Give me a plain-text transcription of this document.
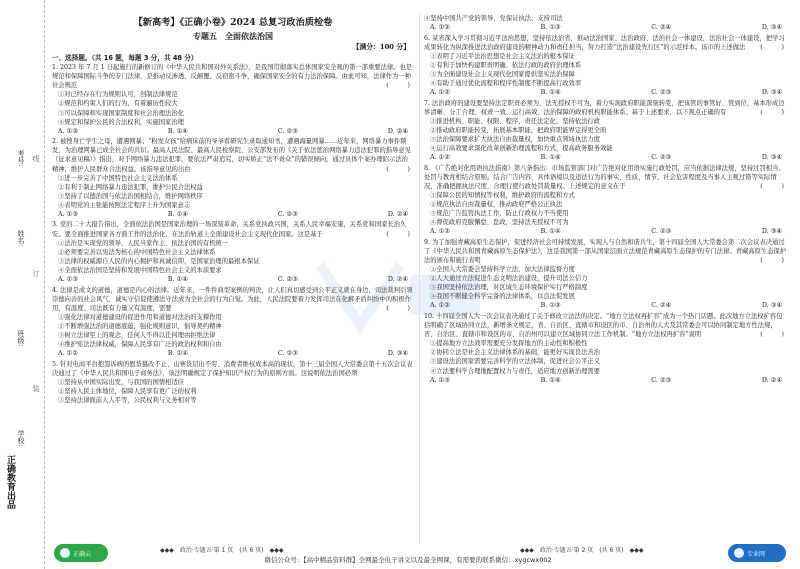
考号:
姓名:
班级:
学校:
线
订
装
正确教育出品
【新高考】《正确小卷》2024 总复习政治质检卷
专题五　全面依法治国
【满分：100 分】
一、选择题。（共 16 题，每题 3 分，共 48 分）
1. 2023 年 7 月 1 日起施行的新修订的《中华人民共和国对外关系法》，是我国贯彻落实总体国家安全观的第一部重要法律。也是规范和保障国际斗争的专门法律，是推动反渗透、反颠覆、反窃密斗争，确保国家安全的有力法治保障。由此可知，法律作为一种社会规范	(　　　)
①对已经存在行为规则认可，创制法律规范
②规范和约束人们的行为，有着遍历性较大
③可以保障和实现国家制度和社会治理法治化
④规定和保护公民的合法权利，实施国家治理
A. ①③	B. ①④	C. ②③	D. ②④
2. 被搜身亡学生之母，遭遇网暴；“粉发女孩”给病床前的爷爷看研究生录取通知书，遭遇海量网暴……近年来，网络暴力事件频发，为治理网暴已成全社会的共识。最高人民法院、最高人民检察院、公安部发布的《关于依法惩治网络暴力违法犯罪的指导意见（征求意见稿）》指出，对于网络暴力违法犯罪，要依法严肃追究，切实矫正“法不责众”的错误倾向，通过具体个案办理昭示法治精神，维护人民群众合法权益。该指导意见的出台	(　　　)
①进一步完善了中国特色社会主义法治体系
②有利于制止网络暴力违法犯罪，维护公民合法权益
③坚持了以德治国与依法治国相结合，维护网络秩序
④表明党的主张能按照法定程序上升为国家意志
A. ①③	B. ①④	C. ②③	D. ②④
3. 党的二十大报告指出，全面依法治国是国家治理的一场深刻革命，关系党执政兴国，关系人民幸福安康，关系党和国家长治久安。要全面推进国家各方面工作的法治化，在法治轨道上全面建设社会主义现代化国家。这是基于	(　　　)
①法治是实现党的领导、人民当家作主、依法治国的有机统一
②必须要完善以宪法为核心的中国特色社会主义法律体系
③法律的权威源自人民的内心拥护和真诚信仰，是国家治理的最根本保证
④全面依法治国是坚持和发展中国特色社会主义的本质要求
A. ①③	B. ①④	C. ②③	D. ②④
4. 法律是成文的道德，道德是内心的法律。近年来，一件件典型案例的判决，让人们真切感受到公平正义就在身边，司法裁判引领崇德向善的社会风气，诚实守信促使遵法守法成为全社会的行为自觉。为此，人民法院要着力发挥司法在化解矛盾纠纷中的积极作用，有温度、司法既有力量又有温度，需要	(　　　)
①强化法律对道德建设的促进作用和道德对法治的支撑作用
②不断增强法治的道德底蕴，强化规则意识，倡导契约精神
③树立法律至上的观念，任何人不得以任何理由拒绝法律
④维护宪法法律权威，保障人民享有广泛的政治权利和自由
A. ①②	B. ①④	C. ②③	D. ③④
5. 针对电商平台抱怨诉病的假货篡改不止、山寨货层出不穷、消费者维权成本高的现状，第十三届全国人大常委会第十五次会议表决通过了《中华人民共和国电子商务法》，该法明确规定了保护知识产权行为的原则方面。这说明依法治国必须
①坚持从中国实际出发，与我国的国情相适应
②坚持人民主体地位，保障人民享有更广泛的权利
③坚持法律面前人人平等，公民权利与义务相对等
④坚持中国共产党的领导，党保证执法、支持司法
A. ①②	B. ①③	C. ②④	D. ③④
6. 某省深入学习贯彻习近平法治思想，坚持依法治省，推动法治国家、法治政府、法治社会一体建设，法治社会一体建设，把学习成果转化为纵深推进法治政府建设的精神动力和责任担当，努力打造“法治建设先行区”的示范样本。该市的上述做法 (　　　)
①表明了习近平法治思想是社会主义法治的根本保证
②有利于加快构建职责明确、依法行政的政府治理体系
③为全面建设社会主义现代化国家提供坚实法治保障
④有助于通过优化流程和程序性制度不断提高行政效率
A. ①②	B. ①④	C. ②③	D. ③④
7. 法治政府的建设要坚持法定职责必须为、法无授权不可为，着力实现政府职能深刻转变，把该管的事管好、管到位，基本形成边界清晰、分工合理、权责一致、运行高效、法治保障的政府机构职能体系。基于上述要求，以下观点正确的有	(　　　)
①推进机构、职能、权限、程序、责任法定化，坚持依法行政
②推动政府职能转变，拓展基本职能，把政府职能界定得更全面
③法治保障要求扩大执法自由裁量权，加快重点领域执法力度
④运行高效要求深化改革创新治理流程和方式，提高政务服务效能
A. ①②	B. ①④	C. ②③	D. ③④
8. 《广告绝对化用语执法指南》第八条指出：市场监管部门对广告绝对化用语实施行政处罚，应当依据法律法规，坚持过罚相当、处罚与教育相结合原则。结合广告内容、具体语境以及违法行为的事实、性质、情节、社会危害程度及当事人主观过错等实际情况，准确把握执法尺度，合理行使行政处罚裁量权。上述规定的意义在于	(　　　)
①保障公民的知情权等权利，维护政府的流程和方式
②规范执法自由裁量权，推动政府严格公正执法
③规范广告监管执法工作，防止行政权力不当使用
④督促政府克服懈怠、怠政，坚持法无授权不可为
A. ①②	B. ①④	C. ②③	D. ③④
9. 为了加强青藏高原生态保护，促进经济社会可持续发展，实现人与自然和谐共生，第十四届全国人大常委会第二次会议表决通过了《中华人民共和国青藏高原生态保护法》，这是我国第一部从国家层面立法规范青藏高原生态保护的专门法律。青藏高原生态保护法的颁布和施行表明	(　　　)
①全国人大常委会坚持科学立法，加大法律监督力度
②人大通过立法促进生态文明法治建设，提升司法公信力
③我国坚持依法治理，对区域生态环境保护实行严格制度
④我国不断健全科学完备的法律体系，以良法促发展
A. ①②	B. ①③	C. ②④	D. ③④
10. 十四届全国人大一次会议表决通过了关于修改立法法的决定。“地方立法权再扩容”成为一个热门话题。此次地方立法权扩容包括明确了区域协同立法，新增条文规定，省、自治区、直辖市和设区的市、自治州的人大及其常委会可以协同制定地方性法规，省、自治区、直辖市和设区的市、自治州可以建立区域协同立法工作机制。“地方立法权再扩容”说明	(　　　)
①提高地方立法效率需要充分发挥地方的主动性和积极性
②协同立法是社会主义法律体系的基础，能更好实现良法善治
③建设法治国家需要完善科学的立法体制，促进社会公平正义
④立法要科学合理地配置权力与责任，适应地方创新治理需要
A. ①③	B. ①④	C. ②③	D. ②④
正确云	◆◆◆　政治·专题五·第 1 页　(共 6 页)　◆◆◆	◆◆◆　政治·专题五·第 2 页　(共 6 页)　◆◆◆
微信公众号：【高中精品资料群】全网最全电子讲义以及最全网课，有需要的联系微信：xygcwx002
专业网
